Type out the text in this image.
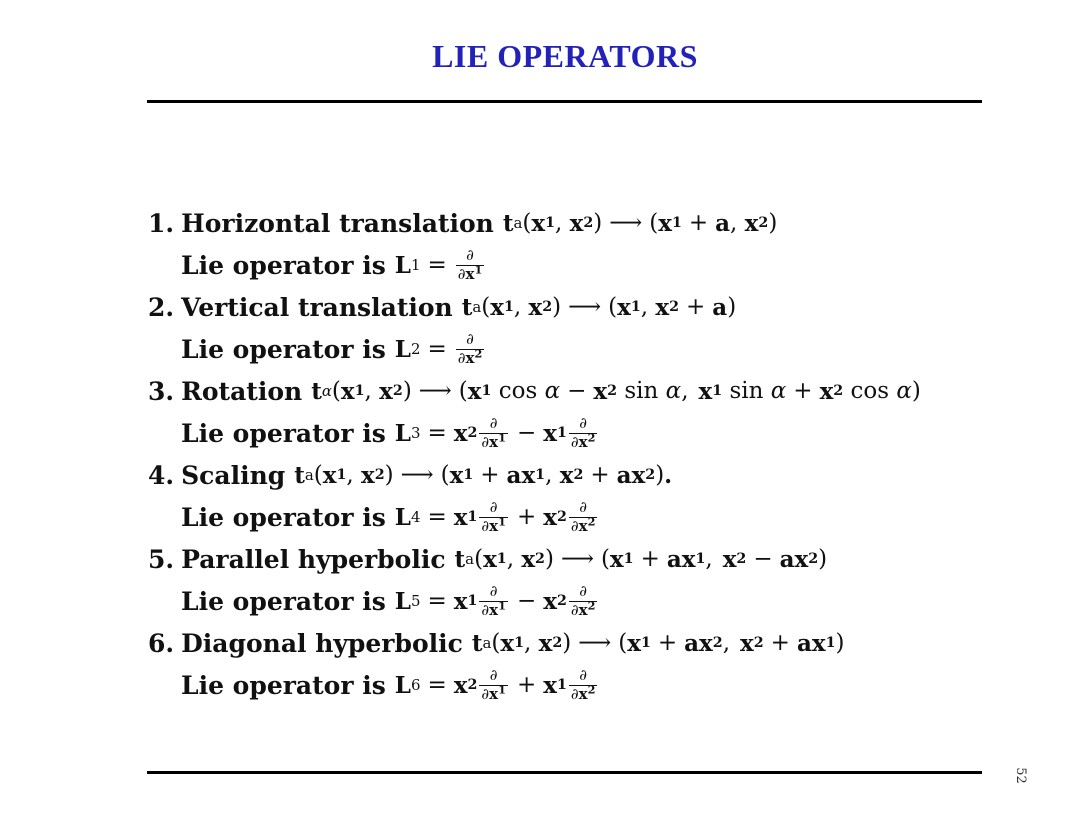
LIE OPERATORS
1. Horizontal translation t a ( x 1 , x 2 ) ⟶ ( x 1 + a , x 2 )
Lie operator is L $1 = \frac{\partial}{\partial x^1}$
2. Vertical translation t a ( x 1 , x 2 ) ⟶ ( x 1 , x 2 + a )
Lie operator is L $2 = \frac{\partial}{\partial x^2}$
3. Rotation t α ( x 1 , x 2 ) ⟶ ( x 1 cos α − x 2 sin α , x 1 sin α + x 2 cos α )
Lie operator is L 3 = x $2 \frac{\partial}{\partial x^1} - x$ $1 \frac{\partial}{\partial x^2}$
4. Scaling t a ( x 1 , x 2 ) ⟶ ( x 1 + ax 1 , x 2 + ax 2 ) .
Lie operator is L 4 = x $1 \frac{\partial}{\partial x^1} + x$ $2 \frac{\partial}{\partial x^2}$
5. Parallel hyperbolic t a ( x 1 , x 2 ) ⟶ ( x 1 + ax 1 , x 2 − ax 2 )
Lie operator is L 5 = x $1 \frac{\partial}{\partial x^1} - x$ $2 \frac{\partial}{\partial x^2}$
6. Diagonal hyperbolic t a ( x 1 , x 2 ) ⟶ ( x 1 + ax 2 , x 2 + ax 1 )
Lie operator is L 6 = x $2 \frac{\partial}{\partial x^1} + x$ $1 \frac{\partial}{\partial x^2}$
52
